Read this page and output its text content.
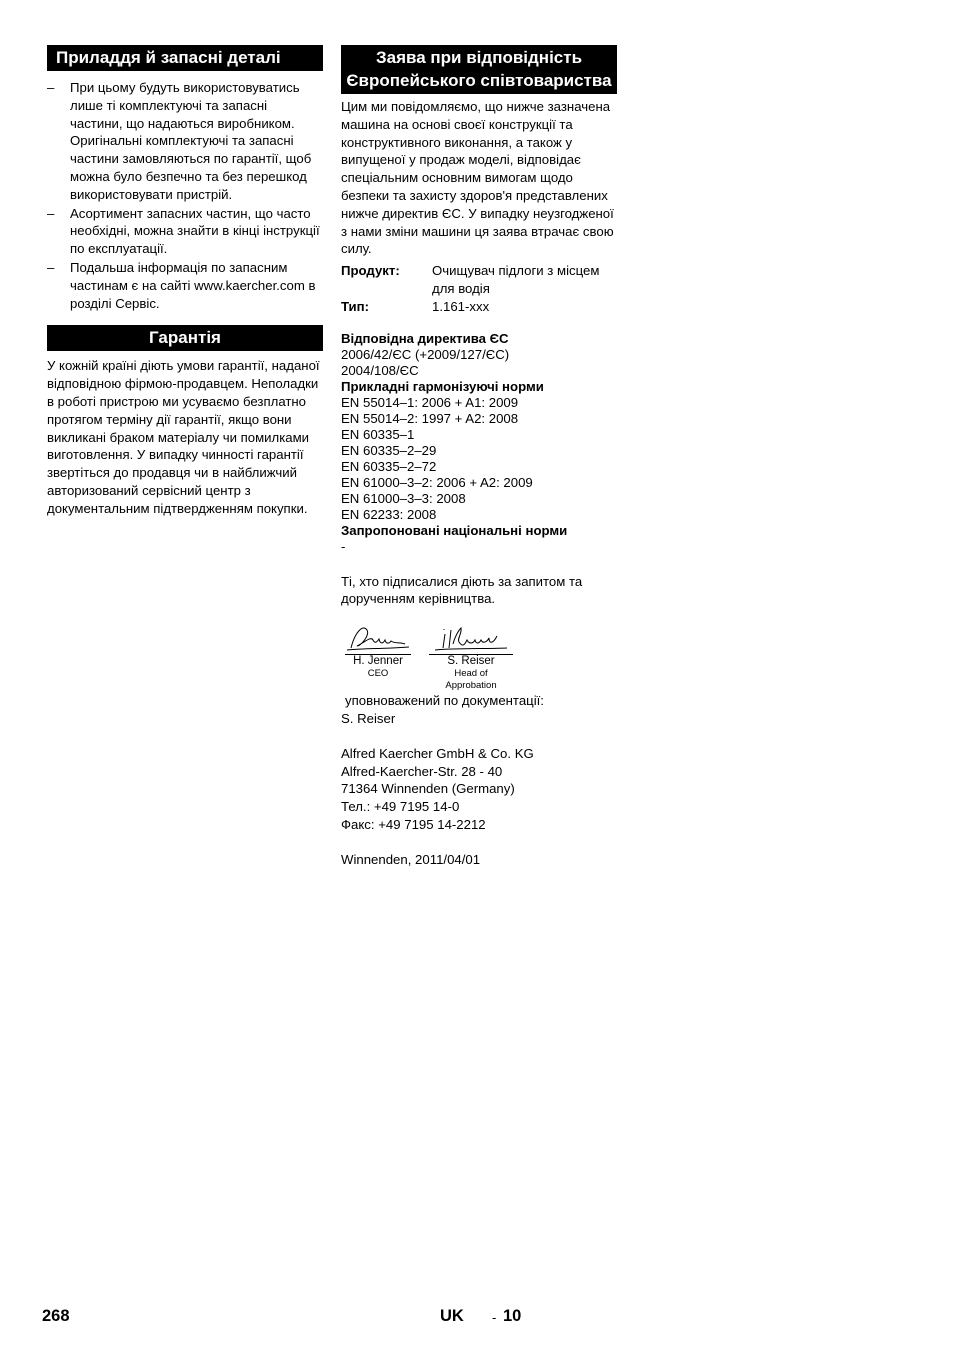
Приладдя й запасні деталі
– При цьому будуть використовуватись лише ті комплектуючі та запасні частини, що надаються виробником. Оригінальні комплектуючі та запасні частини замовляються по гарантії, щоб можна було безпечно та без перешкод використовувати пристрій.
– Асортимент запасних частин, що часто необхідні, можна знайти в кінці інструкції по експлуатації.
– Подальша інформація по запасним частинам є на сайті www.kaercher.com в розділі Сервіс.
Гарантія

У кожній країні діють умови гарантії, наданої відповідною фірмою-продавцем. Неполадки в роботі пристрою ми усуваємо безплатно протягом терміну дії гарантії, якщо вони викликані браком матеріалу чи помилками виготовлення. У випадку чинності гарантії звертіться до продавця чи в найближчий авторизований сервісний центр з документальним підтвердженням покупки.

Заява при відповідність Європейського співтовариства

Цим ми повідомляємо, що нижче зазначена машина на основі своєї конструкції та конструктивного виконання, а також у випущеної у продаж моделі, відповідає спеціальним основним вимогам щодо безпеки та захисту здоров'я представлених нижче директив ЄС. У випадку неузгодженої з нами зміни машини ця заява втрачає свою силу.

Продукт:	Очищувач підлоги з місцем для водія
Тип:	1.161-xxx

Відповідна директива ЄС

2006/42/ЄС (+2009/127/ЄС)

2004/108/ЄС

Прикладні гармонізуючі норми

EN 55014–1: 2006 + A1: 2009

EN 55014–2: 1997 + A2: 2008

EN 60335–1

EN 60335–2–29

EN 60335–2–72

EN 61000–3–2: 2006 + A2: 2009

EN 61000–3–3: 2008

EN 62233: 2008

Запропоновані національні норми

-

Ті, хто підписалися діють за запитом та дорученням керівництва.

H. Jenner
CEO
S. Reiser
Head of Approbation

уповноважений по документації:

S. Reiser

Alfred Kaercher GmbH & Co. KG

Alfred-Kaercher-Str. 28 - 40

71364 Winnenden (Germany)

Тел.: +49 7195 14-0

Факс: +49 7195 14-2212

Winnenden, 2011/04/01

268	UK - 10
